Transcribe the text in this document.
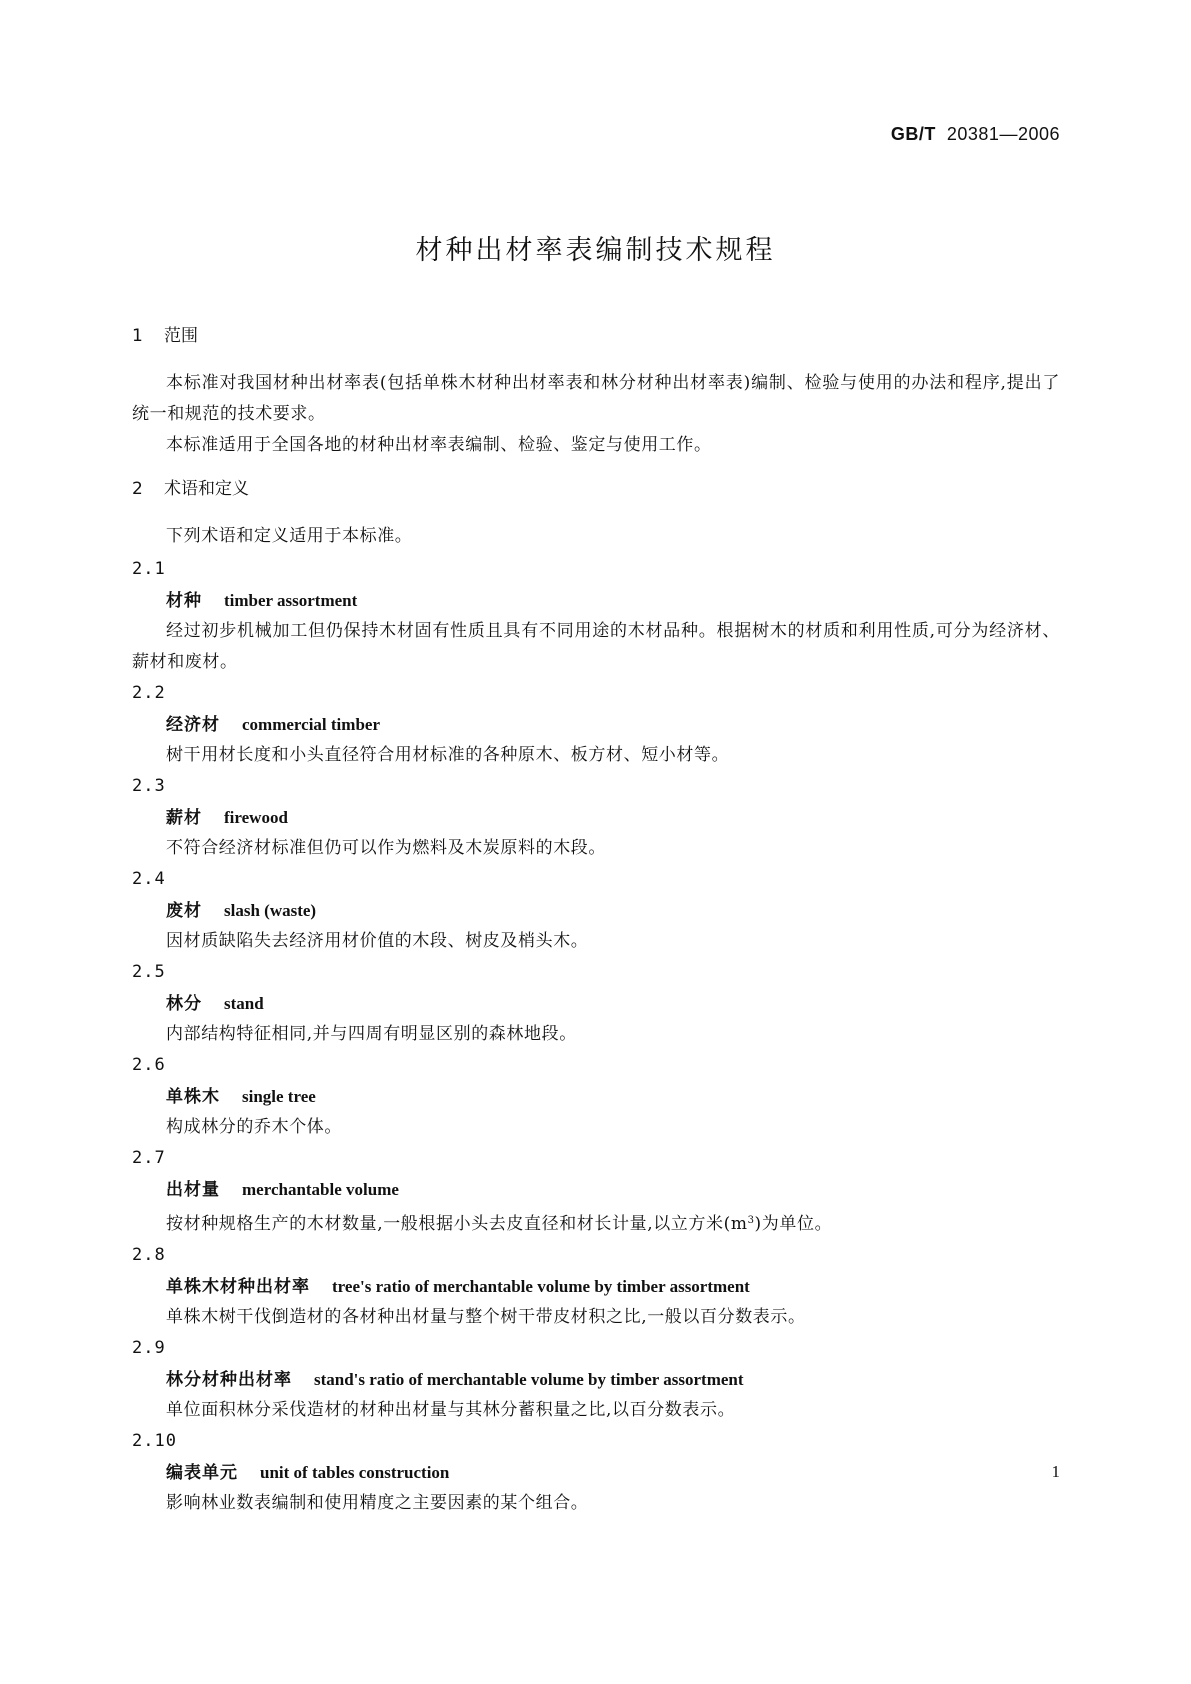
GB/T 20381—2006
材种出材率表编制技术规程
1 范围
本标准对我国材种出材率表(包括单株木材种出材率表和林分材种出材率表)编制、检验与使用的办法和程序,提出了统一和规范的技术要求。
本标准适用于全国各地的材种出材率表编制、检验、鉴定与使用工作。
2 术语和定义
下列术语和定义适用于本标准。
2.1
材种 timber assortment
经过初步机械加工但仍保持木材固有性质且具有不同用途的木材品种。根据树木的材质和利用性质,可分为经济材、薪材和废材。
2.2
经济材 commercial timber
树干用材长度和小头直径符合用材标准的各种原木、板方材、短小材等。
2.3
薪材 firewood
不符合经济材标准但仍可以作为燃料及木炭原料的木段。
2.4
废材 slash (waste)
因材质缺陷失去经济用材价值的木段、树皮及梢头木。
2.5
林分 stand
内部结构特征相同,并与四周有明显区别的森林地段。
2.6
单株木 single tree
构成林分的乔木个体。
2.7
出材量 merchantable volume
按材种规格生产的木材数量,一般根据小头去皮直径和材长计量,以立方米$(m^3)$为单位。
2.8
单株木材种出材率 tree's ratio of merchantable volume by timber assortment
单株木树干伐倒造材的各材种出材量与整个树干带皮材积之比,一般以百分数表示。
2.9
林分材种出材率 stand's ratio of merchantable volume by timber assortment
单位面积林分采伐造材的材种出材量与其林分蓄积量之比,以百分数表示。
2.10
编表单元 unit of tables construction
影响林业数表编制和使用精度之主要因素的某个组合。
1
